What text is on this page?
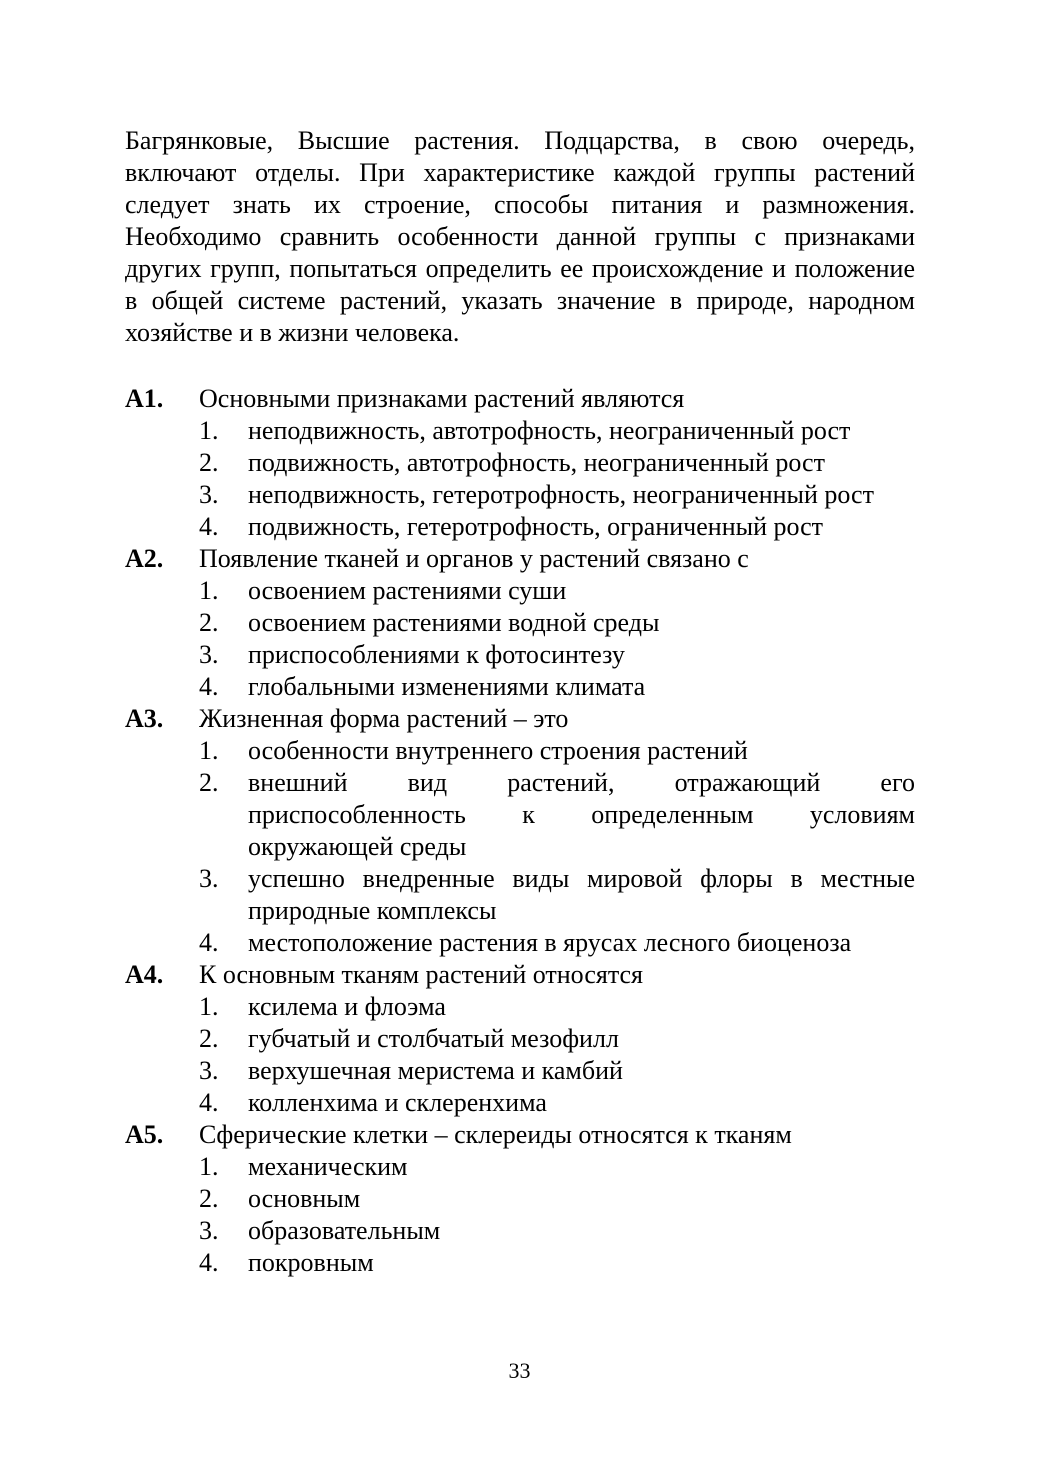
Багрянковые, Высшие растения. Подцарства, в свою очередь, включают отделы. При характеристике каждой группы растений следует знать их строение, способы питания и размножения. Необходимо сравнить особенности данной группы с признаками других групп, попытаться определить ее происхождение и положение в общей системе растений, указать значение в природе, народном хозяйстве и в жизни человека.

А1.	Основными признаками растений являются
1.	неподвижность, автотрофность, неограниченный рост
2.	подвижность, автотрофность, неограниченный рост
3.	неподвижность, гетеротрофность, неограниченный рост
4.	подвижность, гетеротрофность, ограниченный рост
А2.	Появление тканей и органов у растений связано с
1.	освоением растениями суши
2.	освоением растениями водной среды
3.	приспособлениями к фотосинтезу
4.	глобальными изменениями климата
А3.	Жизненная форма растений – это
1.	особенности внутреннего строения растений
2.	внешний вид растений, отражающий его приспособленность к определенным условиям окружающей среды
3.	успешно внедренные виды мировой флоры в местные природные комплексы
4.	местоположение растения в ярусах лесного биоценоза
А4.	К основным тканям растений относятся
1.	ксилема и флоэма
2.	губчатый и столбчатый мезофилл
3.	верхушечная меристема и камбий
4.	колленхима и склеренхима
А5.	Сферические клетки – склереиды относятся к тканям
1.	механическим
2.	основным
3.	образовательным
4.	покровным
33
